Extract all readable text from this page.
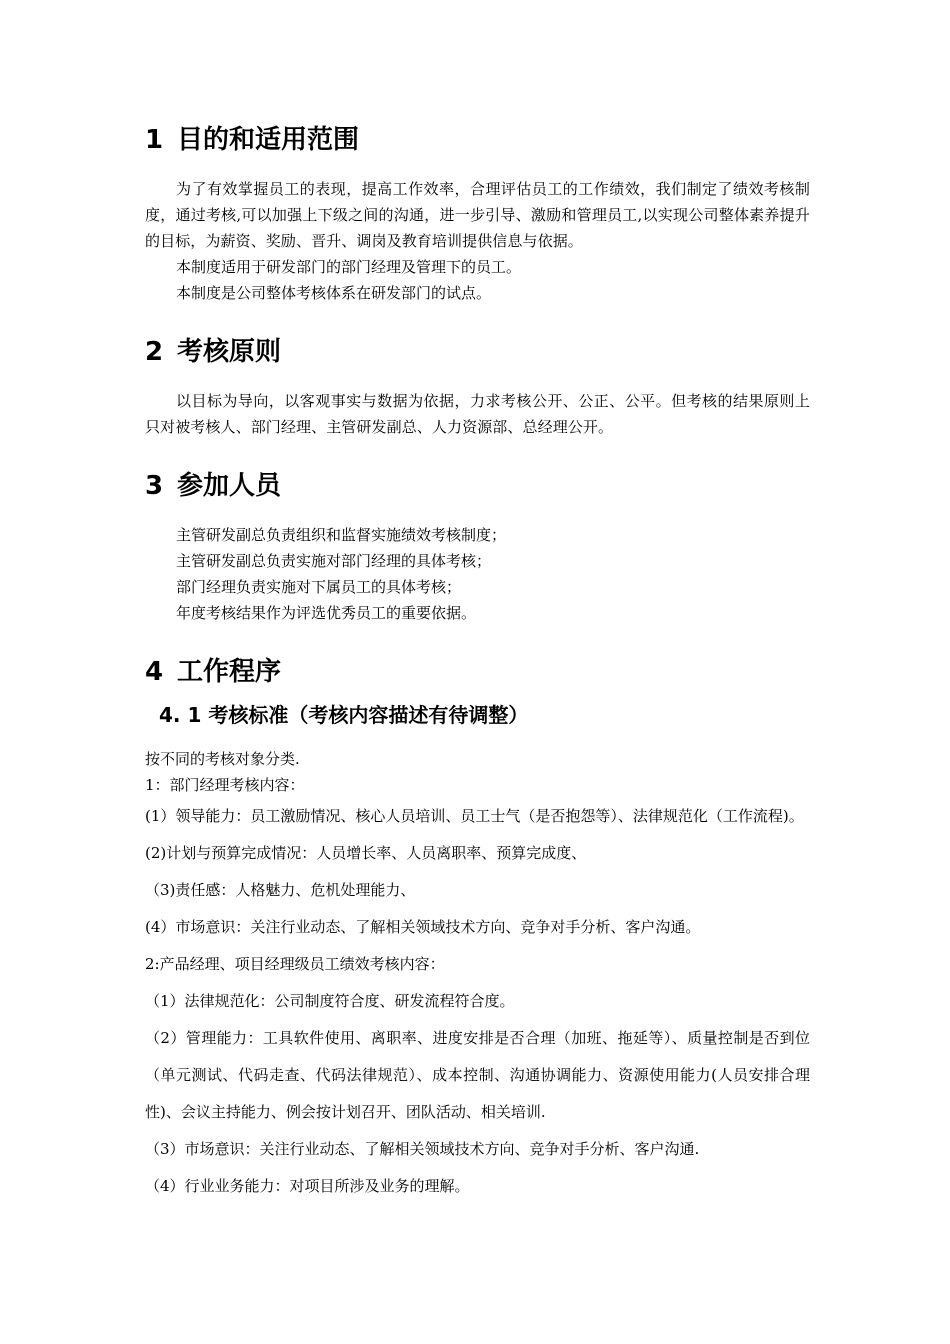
1 目的和适用范围

为了有效掌握员工的表现，提高工作效率，合理评估员工的工作绩效，我们制定了绩效考核制度，通过考核,可以加强上下级之间的沟通，进一步引导、激励和管理员工,以实现公司整体素养提升的目标，为薪资、奖励、晋升、调岗及教育培训提供信息与依据。

本制度适用于研发部门的部门经理及管理下的员工。

本制度是公司整体考核体系在研发部门的试点。

2 考核原则

以目标为导向，以客观事实与数据为依据，力求考核公开、公正、公平。但考核的结果原则上只对被考核人、部门经理、主管研发副总、人力资源部、总经理公开。

3 参加人员

主管研发副总负责组织和监督实施绩效考核制度；

主管研发副总负责实施对部门经理的具体考核；

部门经理负责实施对下属员工的具体考核；

年度考核结果作为评选优秀员工的重要依据。

4 工作程序
4. 1 考核标准（考核内容描述有待调整）

按不同的考核对象分类.

1：部门经理考核内容：

(1）领导能力：员工激励情况、核心人员培训、员工士气（是否抱怨等）、法律规范化（工作流程)。

(2)计划与预算完成情况：人员增长率、人员离职率、预算完成度、

（3)责任感：人格魅力、危机处理能力、

(4）市场意识：关注行业动态、了解相关领域技术方向、竞争对手分析、客户沟通。

2:产品经理、项目经理级员工绩效考核内容：

（1）法律规范化：公司制度符合度、研发流程符合度。

（2）管理能力：工具软件使用、离职率、进度安排是否合理（加班、拖延等）、质量控制是否到位（单元测试、代码走查、代码法律规范）、成本控制、沟通协调能力、资源使用能力(人员安排合理性)、会议主持能力、例会按计划召开、团队活动、相关培训.

（3）市场意识：关注行业动态、了解相关领域技术方向、竞争对手分析、客户沟通.

（4）行业业务能力：对项目所涉及业务的理解。
